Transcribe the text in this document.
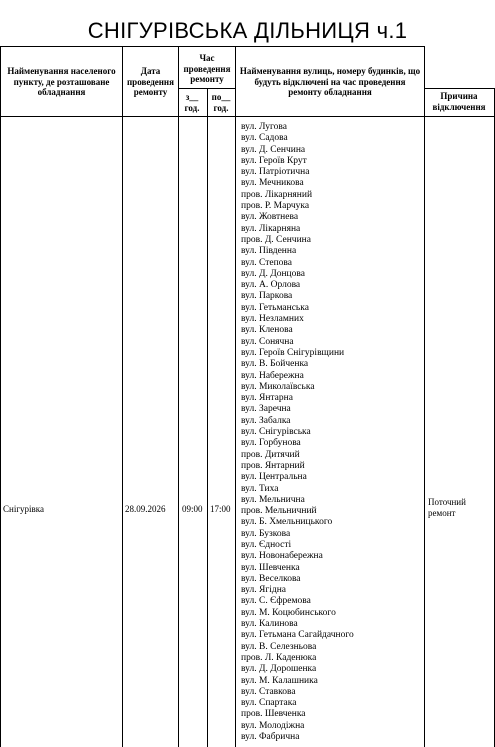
СНІГУРІВСЬКА ДІЛЬНИЦЯ ч.1
Найменування населеного пункту, де розташоване обладнання
Дата проведення ремонту
Час проведення ремонту
з__ год.
по__ год.
Найменування вулиць, номеру будинків, що будуть відключені на час проведення ремонту обладнання	Причина відключення
Снігурівка	28.09.2026 09:00 17:00
Поточний ремонт
вул. Лугова
вул. Садова
вул. Д. Сенчина
вул. Героїв Крут
вул. Патріотична
вул. Мечникова
пров. Лікарняний
пров. Р. Марчука
вул. Жовтнева
вул. Лікарняна
пров. Д. Сенчина
вул. Південна
вул. Степова
вул. Д. Донцова
вул. А. Орлова
вул. Паркова
вул. Гетьманська
вул. Незламних
вул. Кленова
вул. Сонячна
вул. Героїв Снігурівщини
вул. В. Бойченка
вул. Набережна
вул. Миколаївська
вул. Янтарна
вул. Заречна
вул. Забалка
вул. Снігурівська
вул. Горбунова
пров. Дитячий
пров. Янтарний
вул. Центральна
вул. Тиха
вул. Мельнична
пров. Мельничний
вул. Б. Хмельницького
вул. Бузкова
вул. Єдності
вул. Новонабережна
вул. Шевченка
вул. Веселкова
вул. Ягідна
вул. С. Єфремова
вул. М. Коцюбинського
вул. Калинова
вул. Гетьмана Сагайдачного
вул. В. Селезньова
пров. Л. Каденюка
вул. Д. Дорошенка
вул. М. Калашника
вул. Ставкова
вул. Спартака
пров. Шевченка
вул. Молодіжна
вул. Фабрична
